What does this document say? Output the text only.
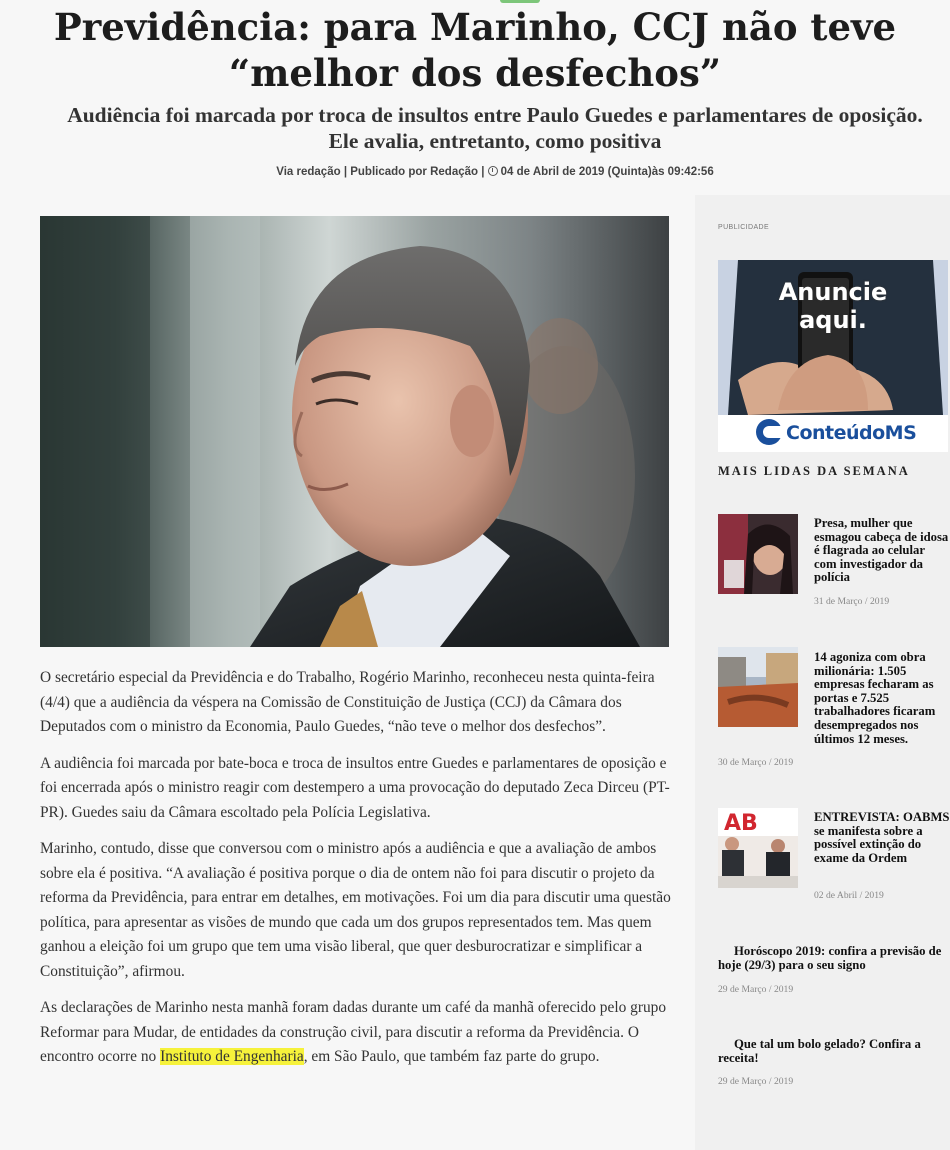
Previdência: para Marinho, CCJ não teve “melhor dos desfechos”
Audiência foi marcada por troca de insultos entre Paulo Guedes e parlamentares de oposição. Ele avalia, entretanto, como positiva
Via redação | Publicado por Redação | 04 de Abril de 2019 (Quinta)às 09:42:56

O secretário especial da Previdência e do Trabalho, Rogério Marinho, reconheceu nesta quinta-feira (4/4) que a audiência da véspera na Comissão de Constituição de Justiça (CCJ) da Câmara dos Deputados com o ministro da Economia, Paulo Guedes, “não teve o melhor dos desfechos”.

A audiência foi marcada por bate-boca e troca de insultos entre Guedes e parlamentares de oposição e foi encerrada após o ministro reagir com destempero a uma provocação do deputado Zeca Dirceu (PT-PR). Guedes saiu da Câmara escoltado pela Polícia Legislativa.

Marinho, contudo, disse que conversou com o ministro após a audiência e que a avaliação de ambos sobre ela é positiva. “A avaliação é positiva porque o dia de ontem não foi para discutir o projeto da reforma da Previdência, para entrar em detalhes, em motivações. Foi um dia para discutir uma questão política, para apresentar as visões de mundo que cada um dos grupos representados tem. Mas quem ganhou a eleição foi um grupo que tem uma visão liberal, que quer desburocratizar e simplificar a Constituição”, afirmou.

As declarações de Marinho nesta manhã foram dadas durante um café da manhã oferecido pelo grupo Reformar para Mudar, de entidades da construção civil, para discutir a reforma da Previdência. O encontro ocorre no Instituto de Engenharia, em São Paulo, que também faz parte do grupo.

PUBLICIDADE
Anuncie
aqui.
ConteúdoMS
MAIS LIDAS DA SEMANA
Presa, mulher que esmagou cabeça de idosa é flagrada ao celular com investigador da polícia
31 de Março / 2019
14 agoniza com obra milionária: 1.505 empresas fecharam as portas e 7.525 trabalhadores ficaram desempregados nos últimos 12 meses.
30 de Março / 2019
AB	ENTREVISTA: OABMS se manifesta sobre a possível extinção do exame da Ordem
02 de Abril / 2019
Horóscopo 2019: confira a previsão de hoje (29/3) para o seu signo
29 de Março / 2019
Que tal um bolo gelado? Confira a receita!
29 de Março / 2019
